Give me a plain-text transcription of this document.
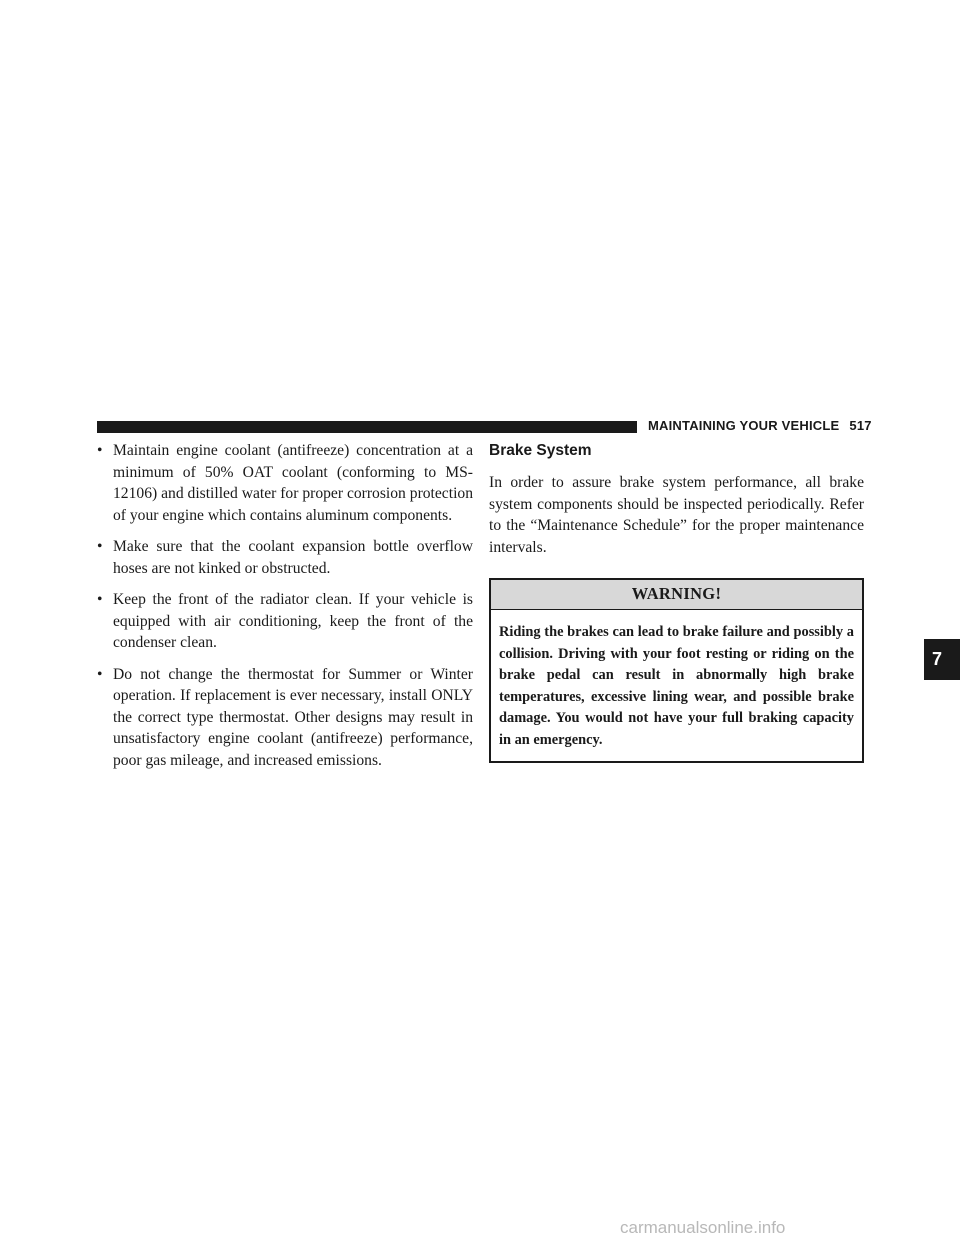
MAINTAINING YOUR VEHICLE 517
• Maintain engine coolant (antifreeze) concentration at a minimum of 50% OAT coolant (conforming to MS-12106) and distilled water for proper corrosion protection of your engine which contains aluminum components.
• Make sure that the coolant expansion bottle overflow hoses are not kinked or obstructed.
• Keep the front of the radiator clean. If your vehicle is equipped with air conditioning, keep the front of the condenser clean.
• Do not change the thermostat for Summer or Winter operation. If replacement is ever necessary, install ONLY the correct type thermostat. Other designs may result in unsatisfactory engine coolant (antifreeze) performance, poor gas mileage, and increased emissions.
Brake System

In order to assure brake system performance, all brake system components should be inspected periodically. Refer to the “Maintenance Schedule” for the proper maintenance intervals.

WARNING!

Riding the brakes can lead to brake failure and possibly a collision. Driving with your foot resting or riding on the brake pedal can result in abnormally high brake temperatures, excessive lining wear, and possible brake damage. You would not have your full braking capacity in an emergency.

7
carmanualsonline.info
